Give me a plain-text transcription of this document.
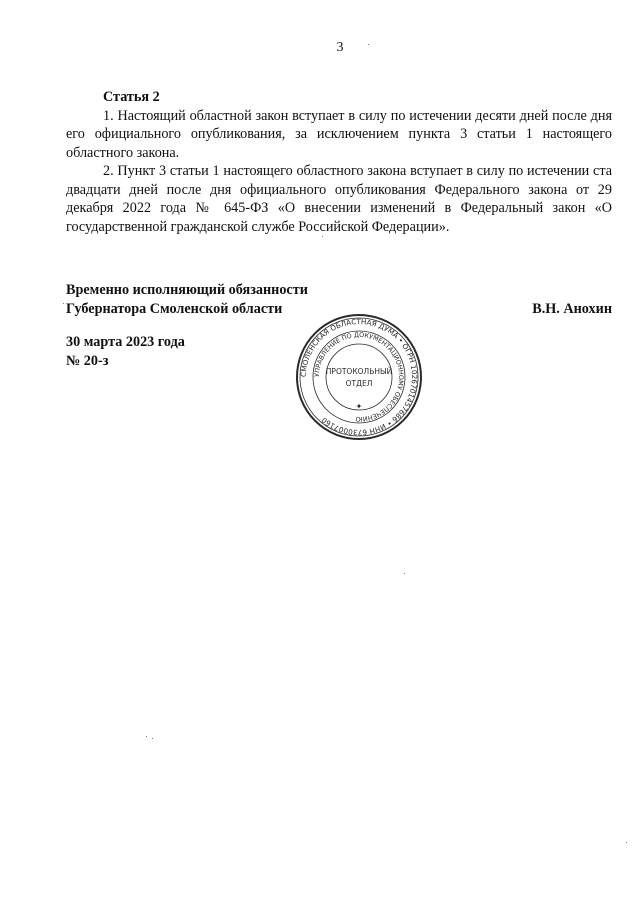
3

Статья 2

1. Настоящий областной закон вступает в силу по истечении десяти дней после дня его официального опубликования, за исключением пункта 3 статьи 1 настоящего областного закона.

2. Пункт 3 статьи 1 настоящего областного закона вступает в силу по истечении ста двадцати дней после дня официального опубликования Федерального закона от 29 декабря 2022 года № 645-ФЗ «О внесении изменений в Федеральный закон «О государственной гражданской службе Российской Федерации».

Временно исполняющий обязанности
Губернатора Смоленской области	В.Н. Анохин
30 марта 2023 года
№ 20-з
СМОЛЕНСКАЯ ОБЛАСТНАЯ ДУМА • ОГРН 1026701457686 • ИНН 6730007160
УПРАВЛЕНИЕ ПО ДОКУМЕНТАЦИОННОМУ ОБЕСПЕЧЕНИЮ
ПРОТОКОЛЬНЫЙ
ОТДЕЛ
✦
